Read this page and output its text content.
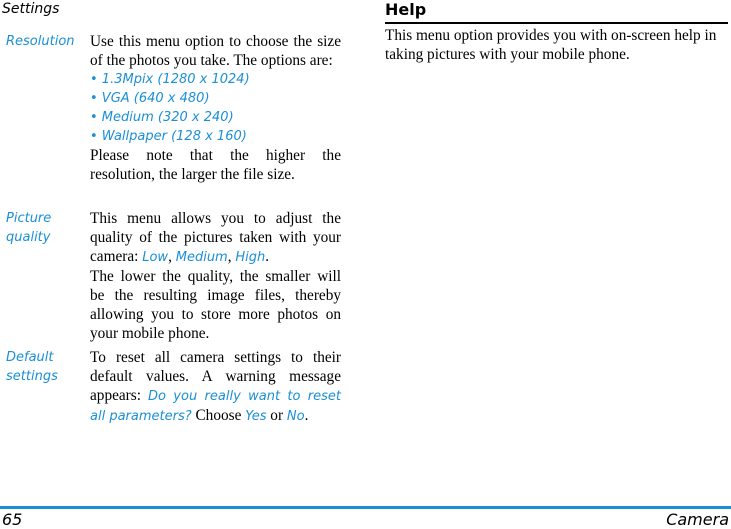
Settings
Resolution	Use this menu option to choose the size of the photos you take. The options are:
• 1.3Mpix (1280 x 1024)
• VGA (640 x 480)
• Medium (320 x 240)
• Wallpaper (128 x 160)
Please note that the higher the resolution, the larger the file size.
Picture quality
This menu allows you to adjust the quality of the pictures taken with your camera: Low, Medium, High.
The lower the quality, the smaller will be the resulting image files, thereby allowing you to store more photos on your mobile phone.
Default settings
To reset all camera settings to their default values. A warning message appears: Do you really want to reset all parameters? Choose Yes or No.
Help
This menu option provides you with on-screen help in taking pictures with your mobile phone.
65	Camera
